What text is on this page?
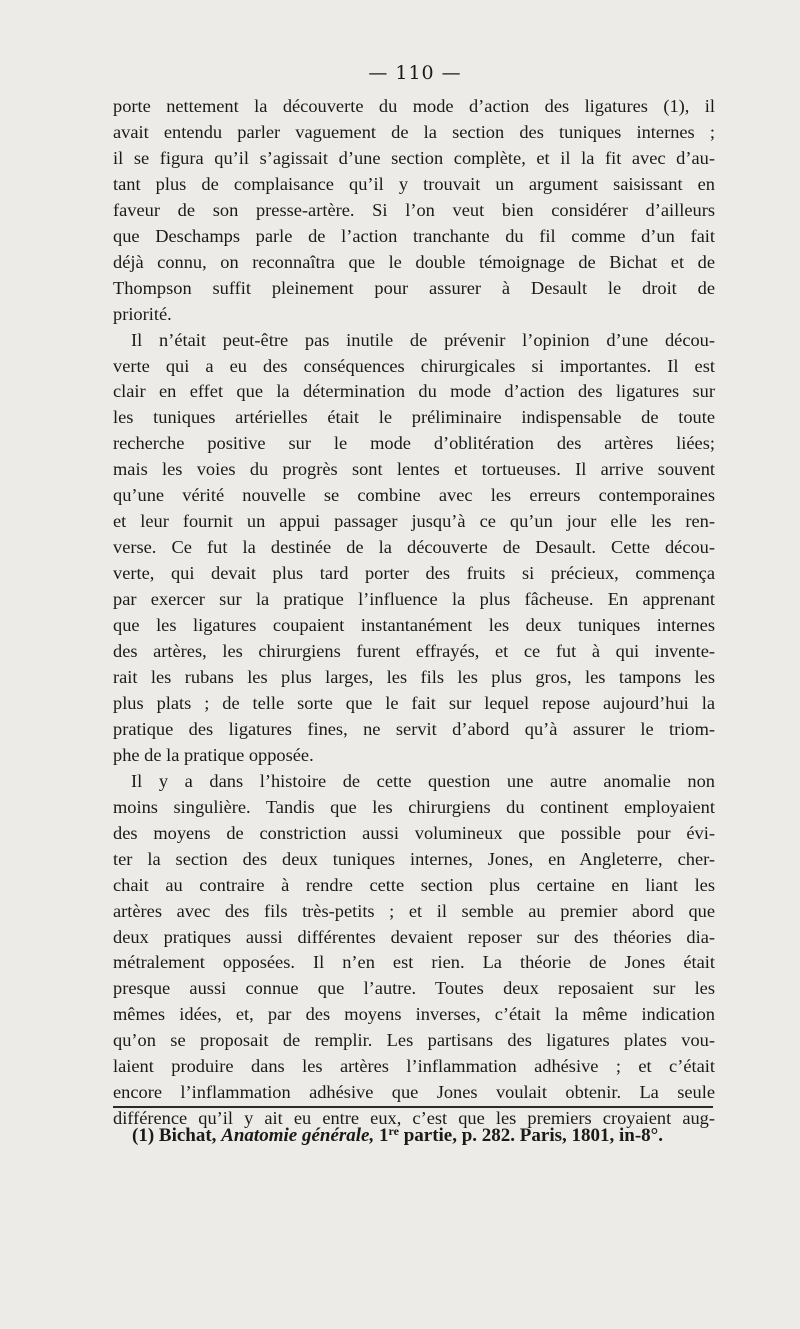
— 110 —
porte nettement la découverte du mode d’action des ligatures (1), il
avait entendu parler vaguement de la section des tuniques internes ;
il se figura qu’il s’agissait d’une section complète, et il la fit avec d’au-
tant plus de complaisance qu’il y trouvait un argument saisissant en
faveur de son presse-artère. Si l’on veut bien considérer d’ailleurs
que Deschamps parle de l’action tranchante du fil comme d’un fait
déjà connu, on reconnaîtra que le double témoignage de Bichat et de
Thompson suffit pleinement pour assurer à Desault le droit de
priorité.
Il n’était peut-être pas inutile de prévenir l’opinion d’une décou-
verte qui a eu des conséquences chirurgicales si importantes. Il est
clair en effet que la détermination du mode d’action des ligatures sur
les tuniques artérielles était le préliminaire indispensable de toute
recherche positive sur le mode d’oblitération des artères liées;
mais les voies du progrès sont lentes et tortueuses. Il arrive souvent
qu’une vérité nouvelle se combine avec les erreurs contemporaines
et leur fournit un appui passager jusqu’à ce qu’un jour elle les ren-
verse. Ce fut la destinée de la découverte de Desault. Cette décou-
verte, qui devait plus tard porter des fruits si précieux, commença
par exercer sur la pratique l’influence la plus fâcheuse. En apprenant
que les ligatures coupaient instantanément les deux tuniques internes
des artères, les chirurgiens furent effrayés, et ce fut à qui invente-
rait les rubans les plus larges, les fils les plus gros, les tampons les
plus plats ; de telle sorte que le fait sur lequel repose aujourd’hui la
pratique des ligatures fines, ne servit d’abord qu’à assurer le triom-
phe de la pratique opposée.
Il y a dans l’histoire de cette question une autre anomalie non
moins singulière. Tandis que les chirurgiens du continent employaient
des moyens de constriction aussi volumineux que possible pour évi-
ter la section des deux tuniques internes, Jones, en Angleterre, cher-
chait au contraire à rendre cette section plus certaine en liant les
artères avec des fils très-petits ; et il semble au premier abord que
deux pratiques aussi différentes devaient reposer sur des théories dia-
métralement opposées. Il n’en est rien. La théorie de Jones était
presque aussi connue que l’autre. Toutes deux reposaient sur les
mêmes idées, et, par des moyens inverses, c’était la même indication
qu’on se proposait de remplir. Les partisans des ligatures plates vou-
laient produire dans les artères l’inflammation adhésive ; et c’était
encore l’inflammation adhésive que Jones voulait obtenir. La seule
différence qu’il y ait eu entre eux, c’est que les premiers croyaient aug-
(1) Bichat, Anatomie générale, 1re partie, p. 282. Paris, 1801, in-8°.
